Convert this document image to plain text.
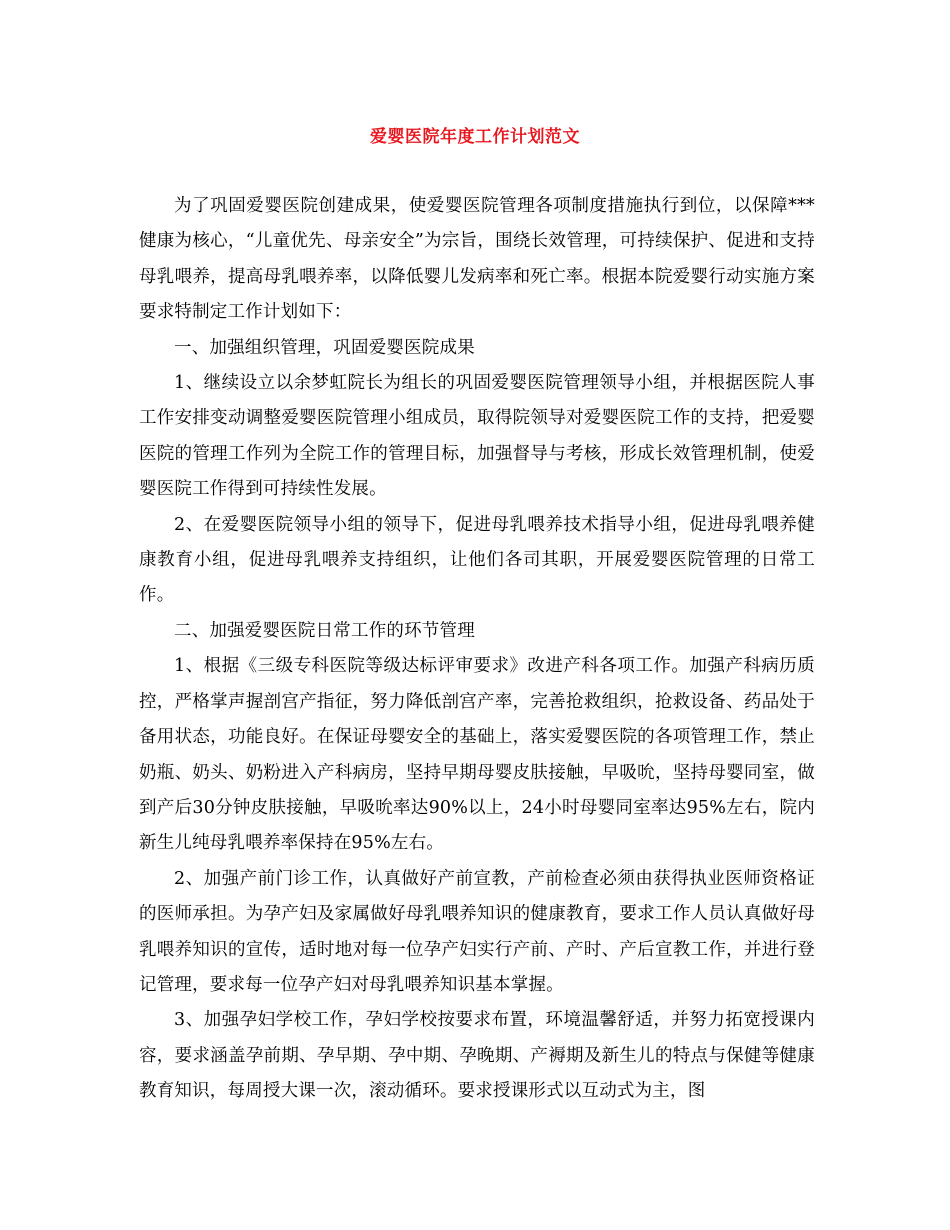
爱婴医院年度工作计划范文

为了巩固爱婴医院创建成果，使爱婴医院管理各项制度措施执行到位，以保障***健康为核心，“儿童优先、母亲安全”为宗旨，围绕长效管理，可持续保护、促进和支持母乳喂养，提高母乳喂养率，以降低婴儿发病率和死亡率。根据本院爱婴行动实施方案要求特制定工作计划如下：

一、加强组织管理，巩固爱婴医院成果

1、继续设立以余梦虹院长为组长的巩固爱婴医院管理领导小组，并根据医院人事工作安排变动调整爱婴医院管理小组成员，取得院领导对爱婴医院工作的支持，把爱婴医院的管理工作列为全院工作的管理目标，加强督导与考核，形成长效管理机制，使爱婴医院工作得到可持续性发展。

2、在爱婴医院领导小组的领导下，促进母乳喂养技术指导小组，促进母乳喂养健康教育小组，促进母乳喂养支持组织，让他们各司其职，开展爱婴医院管理的日常工作。

二、加强爱婴医院日常工作的环节管理

1、根据《三级专科医院等级达标评审要求》改进产科各项工作。加强产科病历质控，严格掌声握剖宫产指征，努力降低剖宫产率，完善抢救组织，抢救设备、药品处于备用状态，功能良好。在保证母婴安全的基础上，落实爱婴医院的各项管理工作，禁止奶瓶、奶头、奶粉进入产科病房，坚持早期母婴皮肤接触，早吸吮，坚持母婴同室，做到产后30分钟皮肤接触，早吸吮率达90%以上，24小时母婴同室率达95%左右，院内新生儿纯母乳喂养率保持在95%左右。

2、加强产前门诊工作，认真做好产前宣教，产前检查必须由获得执业医师资格证的医师承担。为孕产妇及家属做好母乳喂养知识的健康教育，要求工作人员认真做好母乳喂养知识的宣传，适时地对每一位孕产妇实行产前、产时、产后宣教工作，并进行登记管理，要求每一位孕产妇对母乳喂养知识基本掌握。

3、加强孕妇学校工作，孕妇学校按要求布置，环境温馨舒适，并努力拓宽授课内容，要求涵盖孕前期、孕早期、孕中期、孕晚期、产褥期及新生儿的特点与保健等健康教育知识，每周授大课一次，滚动循环。要求授课形式以互动式为主，图
